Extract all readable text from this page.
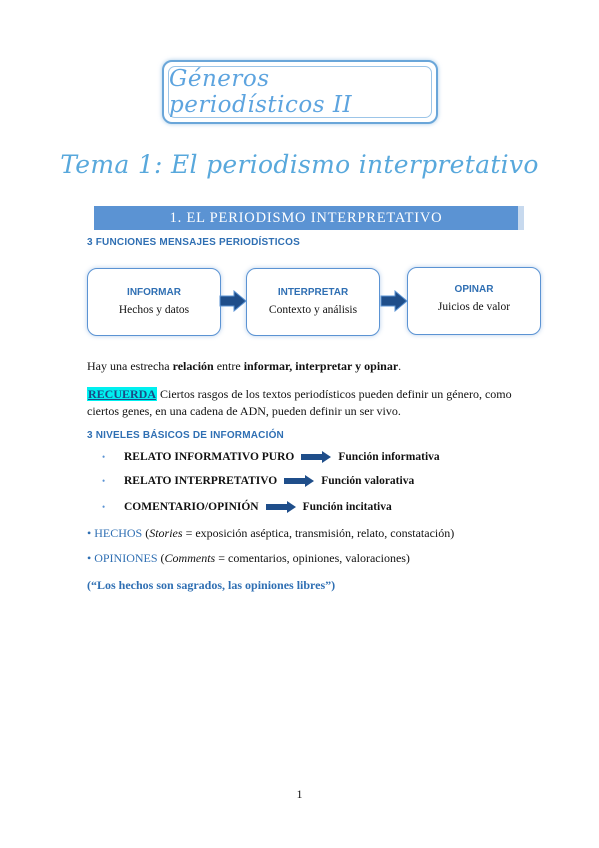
Géneros periodísticos II
Tema 1: El periodismo interpretativo
1. EL PERIODISMO INTERPRETATIVO
3 FUNCIONES MENSAJES PERIODÍSTICOS
INFORMAR
Hechos y datos
INTERPRETAR
Contexto y análisis
OPINAR
Juicios de valor
Hay una estrecha relación entre informar, interpretar y opinar.
RECUERDA Ciertos rasgos de los textos periodísticos pueden definir un género, como ciertos genes, en una cadena de ADN, pueden definir un ser vivo.
3 NIVELES BÁSICOS DE INFORMACIÓN
•	RELATO INFORMATIVO PURO	Función informativa
•	RELATO INTERPRETATIVO	Función valorativa
•	COMENTARIO/OPINIÓN	Función incitativa
• HECHOS (Stories = exposición aséptica, transmisión, relato, constatación)
• OPINIONES (Comments = comentarios, opiniones, valoraciones)
(“Los hechos son sagrados, las opiniones libres”)
1
